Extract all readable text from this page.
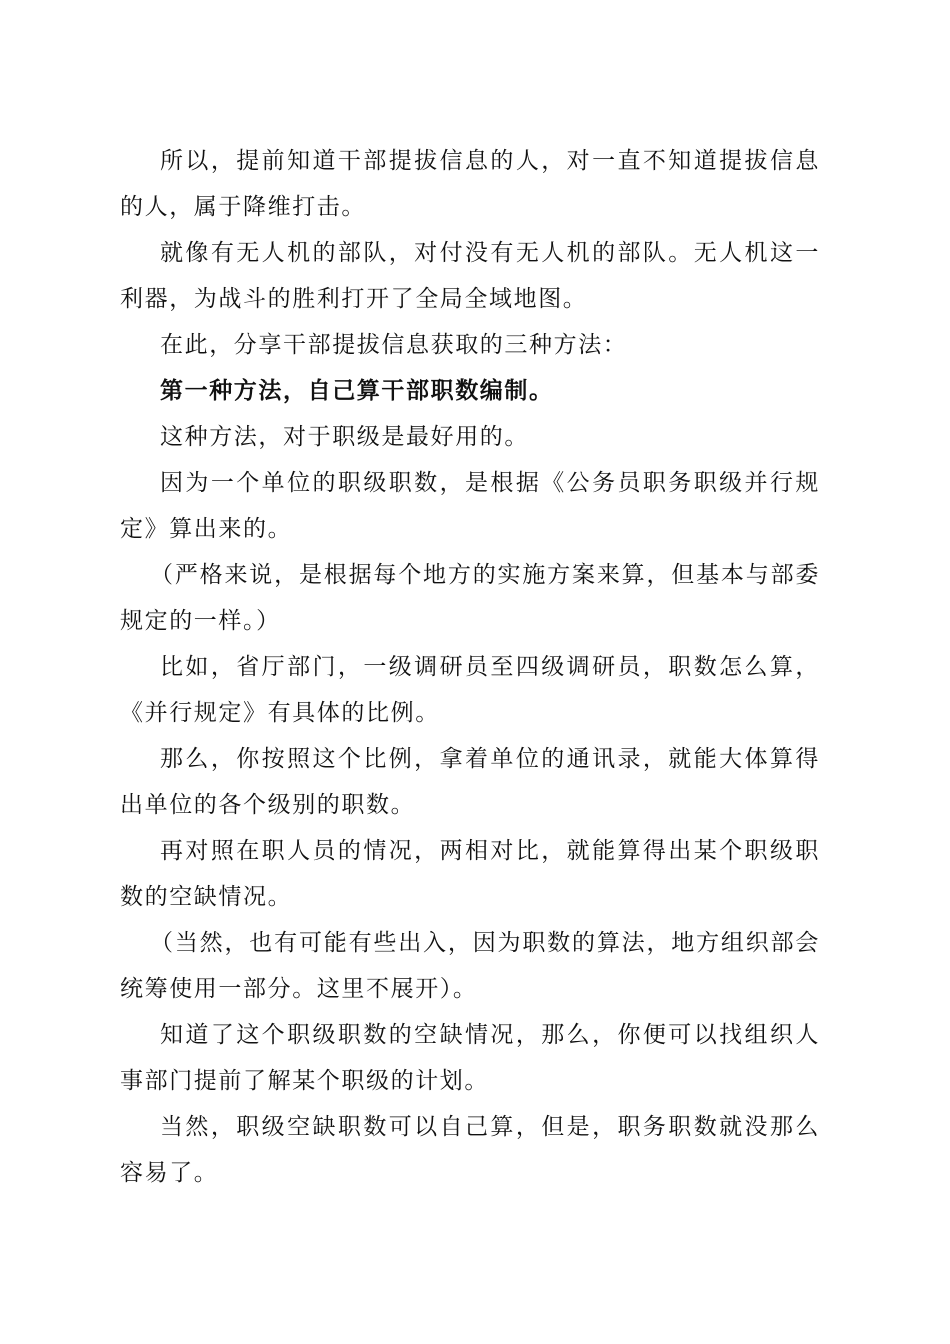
所以，提前知道干部提拔信息的人，对一直不知道提拔信息的人，属于降维打击。

就像有无人机的部队，对付没有无人机的部队。无人机这一利器，为战斗的胜利打开了全局全域地图。

在此，分享干部提拔信息获取的三种方法：

第一种方法，自己算干部职数编制。

这种方法，对于职级是最好用的。

因为一个单位的职级职数，是根据《公务员职务职级并行规定》算出来的。

（严格来说，是根据每个地方的实施方案来算，但基本与部委规定的一样。）

比如，省厅部门，一级调研员至四级调研员，职数怎么算，《并行规定》有具体的比例。

那么，你按照这个比例，拿着单位的通讯录，就能大体算得出单位的各个级别的职数。

再对照在职人员的情况，两相对比，就能算得出某个职级职数的空缺情况。

（当然，也有可能有些出入，因为职数的算法，地方组织部会统筹使用一部分。这里不展开）。

知道了这个职级职数的空缺情况，那么，你便可以找组织人事部门提前了解某个职级的计划。

当然，职级空缺职数可以自己算，但是，职务职数就没那么容易了。
